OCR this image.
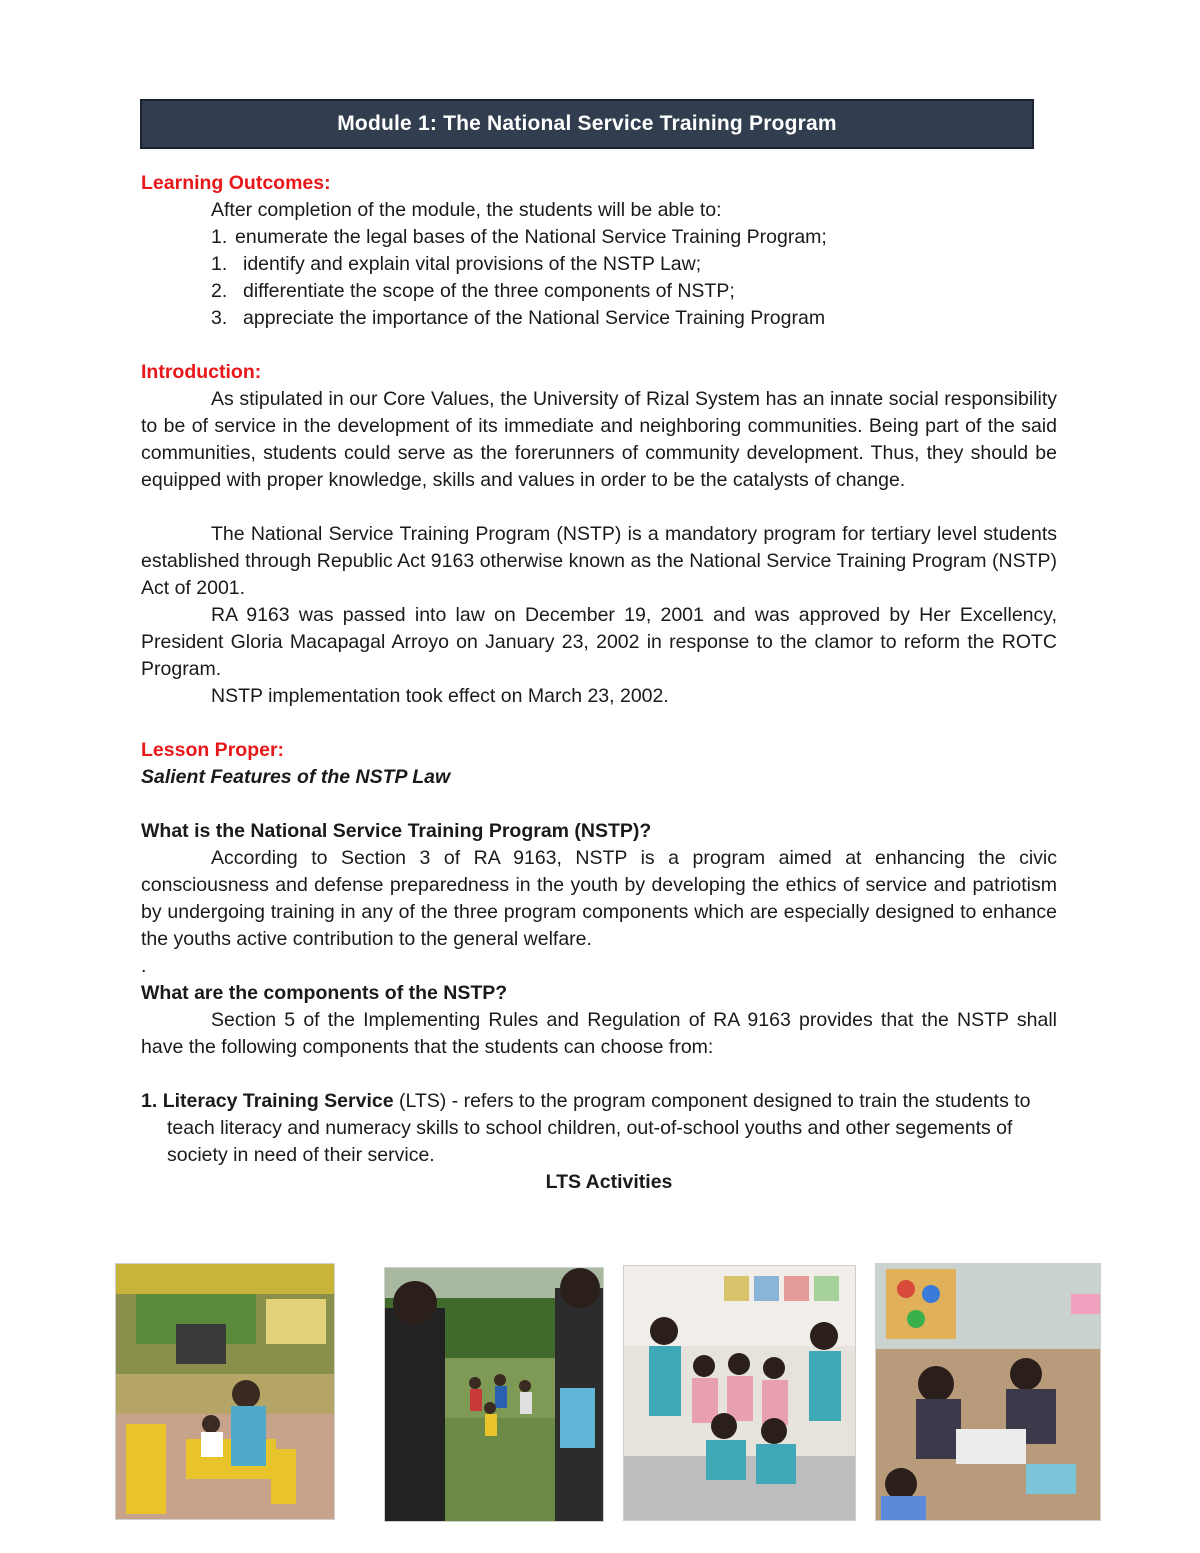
Module 1: The National Service Training Program

Learning Outcomes:

After completion of the module, the students will be able to:

1. enumerate the legal bases of the National Service Training Program;
1. identify and explain vital provisions of the NSTP Law;
2. differentiate the scope of the three components of NSTP;
3. appreciate the importance of the National Service Training Program

Introduction:

As stipulated in our Core Values, the University of Rizal System has an innate social responsibility to be of service in the development of its immediate and neighboring communities. Being part of the said communities, students could serve as the forerunners of community development. Thus, they should be equipped with proper knowledge, skills and values in order to be the catalysts of change.

The National Service Training Program (NSTP) is a mandatory program for tertiary level students established through Republic Act 9163 otherwise known as the National Service Training Program (NSTP) Act of 2001.

RA 9163 was passed into law on December 19, 2001 and was approved by Her Excellency, President Gloria Macapagal Arroyo on January 23, 2002 in response to the clamor to reform the ROTC Program.

NSTP implementation took effect on March 23, 2002.

Lesson Proper:

Salient Features of the NSTP Law

What is the National Service Training Program (NSTP)?

According to Section 3 of RA 9163, NSTP is a program aimed at enhancing the civic consciousness and defense preparedness in the youth by developing the ethics of service and patriotism by undergoing training in any of the three program components which are especially designed to enhance the youths active contribution to the general welfare.

.

What are the components of the NSTP?

Section 5 of the Implementing Rules and Regulation of RA 9163 provides that the NSTP shall have the following components that the students can choose from:

1. Literacy Training Service (LTS) - refers to the program component designed to train the students to teach literacy and numeracy skills to school children, out-of-school youths and other segements of society in need of their service.

LTS Activities
